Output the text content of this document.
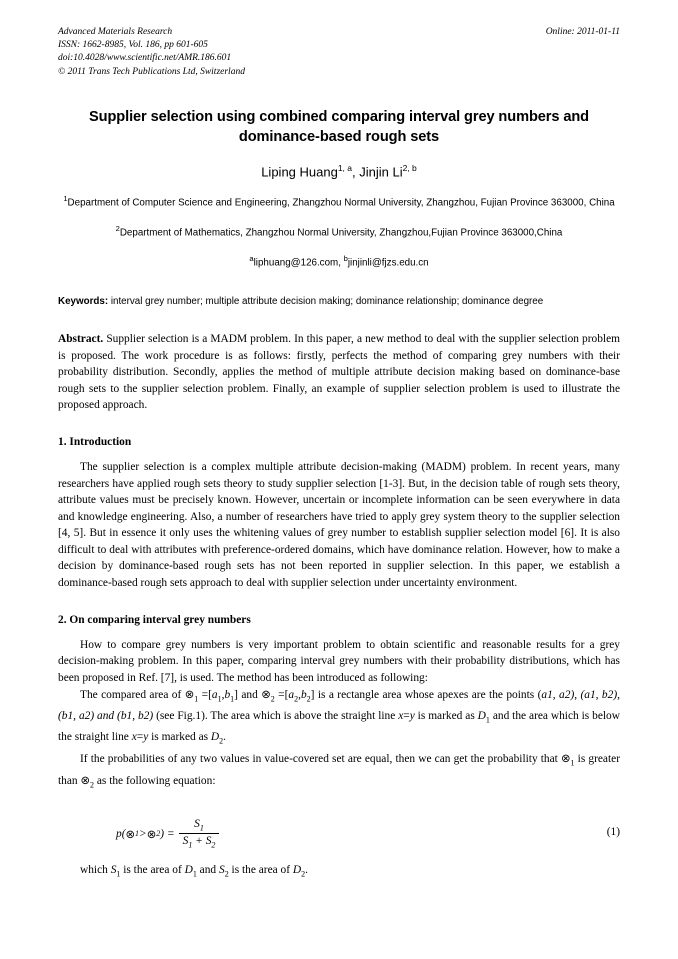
Advanced Materials Research
ISSN: 1662-8985, Vol. 186, pp 601-605
doi:10.4028/www.scientific.net/AMR.186.601
© 2011 Trans Tech Publications Ltd, Switzerland
Online: 2011-01-11
Supplier selection using combined comparing interval grey numbers and dominance-based rough sets
Liping Huang$^{1, a}$, Jinjin Li$^{2, b}$
$^1$Department of Computer Science and Engineering, Zhangzhou Normal University, Zhangzhou, Fujian Province 363000, China
$^2$Department of Mathematics, Zhangzhou Normal University, Zhangzhou,Fujian Province 363000,China
$^a$liphuang@126.com, $^b$jinjinli@fjzs.edu.cn
Keywords: interval grey number; multiple attribute decision making; dominance relationship; dominance degree
Abstract. Supplier selection is a MADM problem. In this paper, a new method to deal with the supplier selection problem is proposed. The work procedure is as follows: firstly, perfects the method of comparing grey numbers with their probability distribution. Secondly, applies the method of multiple attribute decision making based on dominance-base rough sets to the supplier selection problem. Finally, an example of supplier selection problem is used to illustrate the proposed approach.
1. Introduction

The supplier selection is a complex multiple attribute decision-making (MADM) problem. In recent years, many researchers have applied rough sets theory to study supplier selection [1-3]. But, in the decision table of rough sets theory, attribute values must be precisely known. However, uncertain or incomplete information can be seen everywhere in data and knowledge engineering. Also, a number of researchers have tried to apply grey system theory to the supplier selection [4, 5]. But in essence it only uses the whitening values of grey number to establish supplier selection model [6]. It is also difficult to deal with attributes with preference-ordered domains, which have dominance relation. However, how to make a decision by dominance-based rough sets has not been reported in supplier selection. In this paper, we establish a dominance-based rough sets approach to deal with supplier selection under uncertainty environment.

2. On comparing interval grey numbers

How to compare grey numbers is very important problem to obtain scientific and reasonable results for a grey decision-making problem. In this paper, comparing interval grey numbers with their probability distributions, which has been proposed in Ref. [7], is used. The method has been introduced as following:

The compared area of $\otimes_1 =[a_1,b_1]$ and $\otimes_2 =[a_2,b_2]$ is a rectangle area whose apexes are the points (a1, a2), (a1, b2), (b1, a2) and (b1, b2) (see Fig.1). The area which is above the straight line x=y is marked as $D_1$ and the area which is below the straight line x=y is marked as $D_2$.

If the probabilities of any two values in value-covered set are equal, then we can get the probability that $\otimes_1$ is greater than $\otimes_2$ as the following equation:

p ( ⊗ 1 > ⊗ 2 ) = $\frac{S_1}{S_1 + S_2}$	(1)

which $S_1$ is the area of $D_1$ and $S_2$ is the area of $D_2$.
